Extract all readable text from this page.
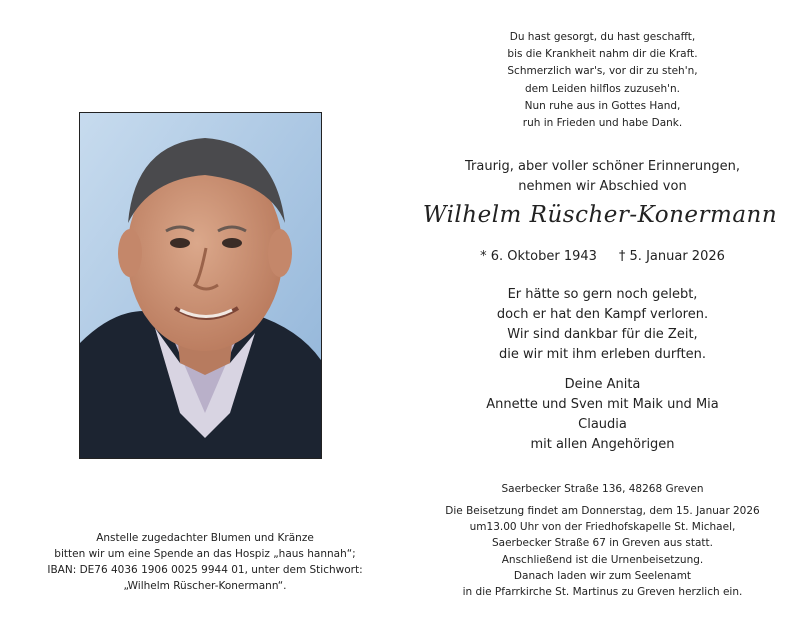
Anstelle zugedachter Blumen und Kränze
bitten wir um eine Spende an das Hospiz „haus hannah“;
IBAN: DE76 4036 1906 0025 9944 01, unter dem Stichwort:
„Wilhelm Rüscher-Konermann“.
Du hast gesorgt, du hast geschafft,
bis die Krankheit nahm dir die Kraft.
Schmerzlich war's, vor dir zu steh'n,
dem Leiden hilflos zuzuseh'n.
Nun ruhe aus in Gottes Hand,
ruh in Frieden und habe Dank.
Traurig, aber voller schöner Erinnerungen,
nehmen wir Abschied von
Wilhelm Rüscher-Konermann
* 6. Oktober 1943 † 5. Januar 2026
Er hätte so gern noch gelebt,
doch er hat den Kampf verloren.
Wir sind dankbar für die Zeit,
die wir mit ihm erleben durften.
Deine Anita
Annette und Sven mit Maik und Mia
Claudia
mit allen Angehörigen
Saerbecker Straße 136, 48268 Greven
Die Beisetzung findet am Donnerstag, dem 15. Januar 2026
um13.00 Uhr von der Friedhofskapelle St. Michael,
Saerbecker Straße 67 in Greven aus statt.
Anschließend ist die Urnenbeisetzung.
Danach laden wir zum Seelenamt
in die Pfarrkirche St. Martinus zu Greven herzlich ein.
